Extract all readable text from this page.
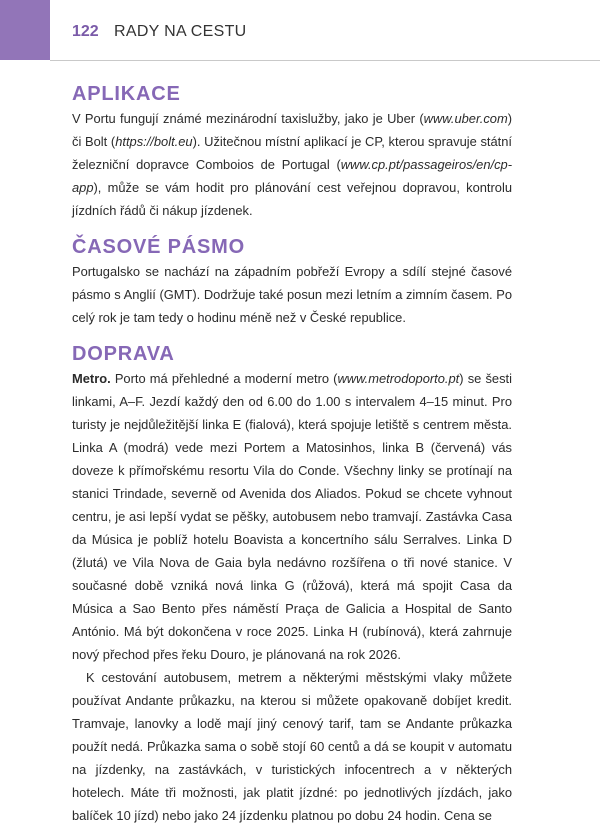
122 RADY NA CESTU
APLIKACE

V Portu fungují známé mezinárodní taxislužby, jako je Uber (www.uber.com) či Bolt (https://bolt.eu). Užitečnou místní aplikací je CP, kterou spravuje státní železniční dopravce Comboios de Portugal (www.cp.pt/passageiros/en/cp-app), může se vám hodit pro plánování cest veřejnou dopravou, kontrolu jízdních řádů či nákup jízdenek.

ČASOVÉ PÁSMO

Portugalsko se nachází na západním pobřeží Evropy a sdílí stejné časové pásmo s Anglií (GMT). Dodržuje také posun mezi letním a zimním časem. Po celý rok je tam tedy o hodinu méně než v České republice.

DOPRAVA

Metro. Porto má přehledné a moderní metro (www.metrodoporto.pt) se šesti linkami, A–F. Jezdí každý den od 6.00 do 1.00 s intervalem 4–15 minut. Pro turisty je nejdůležitější linka E (fialová), která spojuje letiště s centrem města. Linka A (modrá) vede mezi Portem a Matosinhos, linka B (červená) vás doveze k přímořskému resortu Vila do Conde. Všechny linky se protínají na stanici Trindade, severně od Avenida dos Aliados. Pokud se chcete vyhnout centru, je asi lepší vydat se pěšky, autobusem nebo tramvají. Zastávka Casa da Música je poblíž hotelu Boavista a koncertního sálu Serralves. Linka D (žlutá) ve Vila Nova de Gaia byla nedávno rozšířena o tři nové stanice. V současné době vzniká nová linka G (růžová), která má spojit Casa da Música a Sao Bento přes náměstí Praça de Galicia a Hospital de Santo António. Má být dokončena v roce 2025. Linka H (rubínová), která zahrnuje nový přechod přes řeku Douro, je plánovaná na rok 2026.

K cestování autobusem, metrem a některými městskými vlaky můžete používat Andante průkazku, na kterou si můžete opakovaně dobíjet kredit. Tramvaje, lanovky a lodě mají jiný cenový tarif, tam se Andante průkazka použít nedá. Průkazka sama o sobě stojí 60 centů a dá se koupit v automatu na jízdenky, na zastávkách, v turistických infocentrech a v některých hotelech. Máte tři možnosti, jak platit jízdné: po jednotlivých jízdách, jako balíček 10 jízd) nebo jako 24 jízdenku platnou po dobu 24 hodin. Cena se
